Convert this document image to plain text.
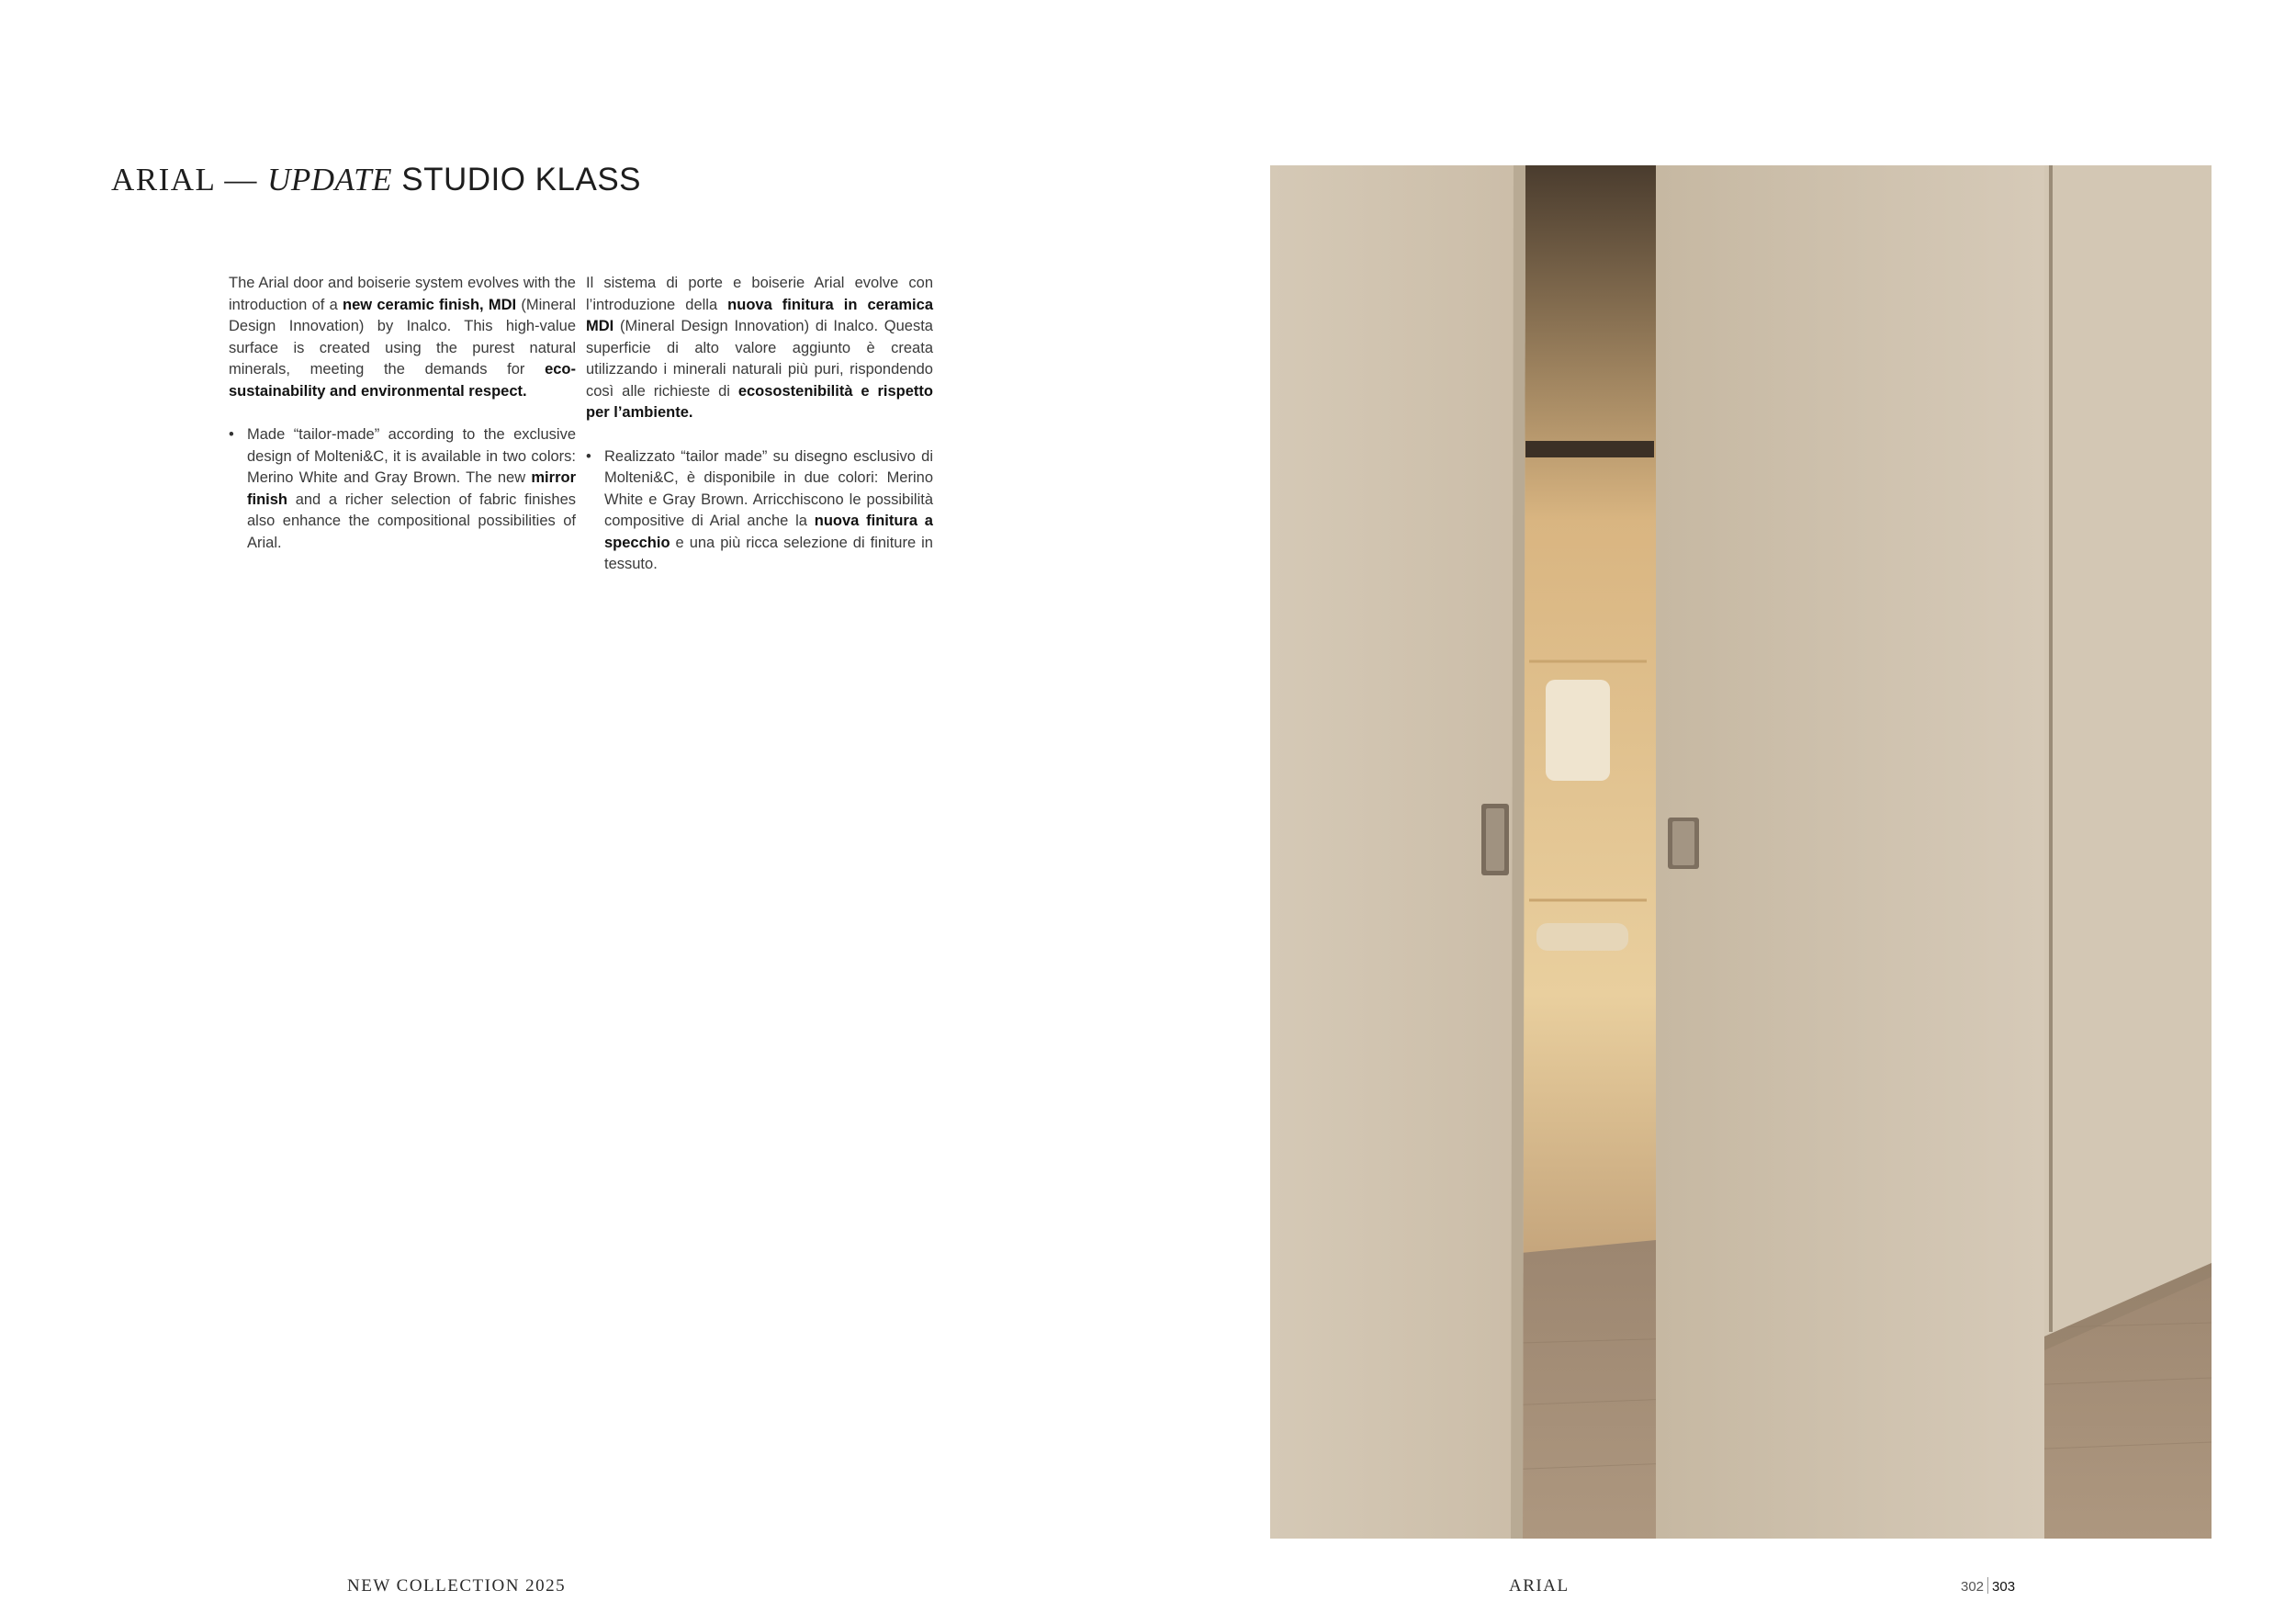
ARIAL — UPDATE STUDIO KLASS

The Arial door and boiserie system evolves with the introduction of a new ceramic finish, MDI (Mineral Design Innovation) by Inalco. This high-value surface is created using the purest natural minerals, meeting the demands for eco-sustainability and environmental respect.

• Made “tailor-made” according to the exclusive design of Molteni&C, it is available in two colors: Merino White and Gray Brown. The new mirror finish and a richer selection of fabric finishes also enhance the compositional possibilities of Arial.

Il sistema di porte e boiserie Arial evolve con l’introduzione della nuova finitura in ceramica MDI (Mineral Design Innovation) di Inalco. Questa superficie di alto valore aggiunto è creata utilizzando i minerali naturali più puri, rispondendo così alle richieste di ecosostenibilità e rispetto per l’ambiente.

• Realizzato “tailor made” su disegno esclusivo di Molteni&C, è disponibile in due colori: Merino White e Gray Brown. Arricchiscono le possibilità compositive di Arial anche la nuova finitura a specchio e una più ricca selezione di finiture in tessuto.

NEW COLLECTION 2025	ARIAL	302 303
